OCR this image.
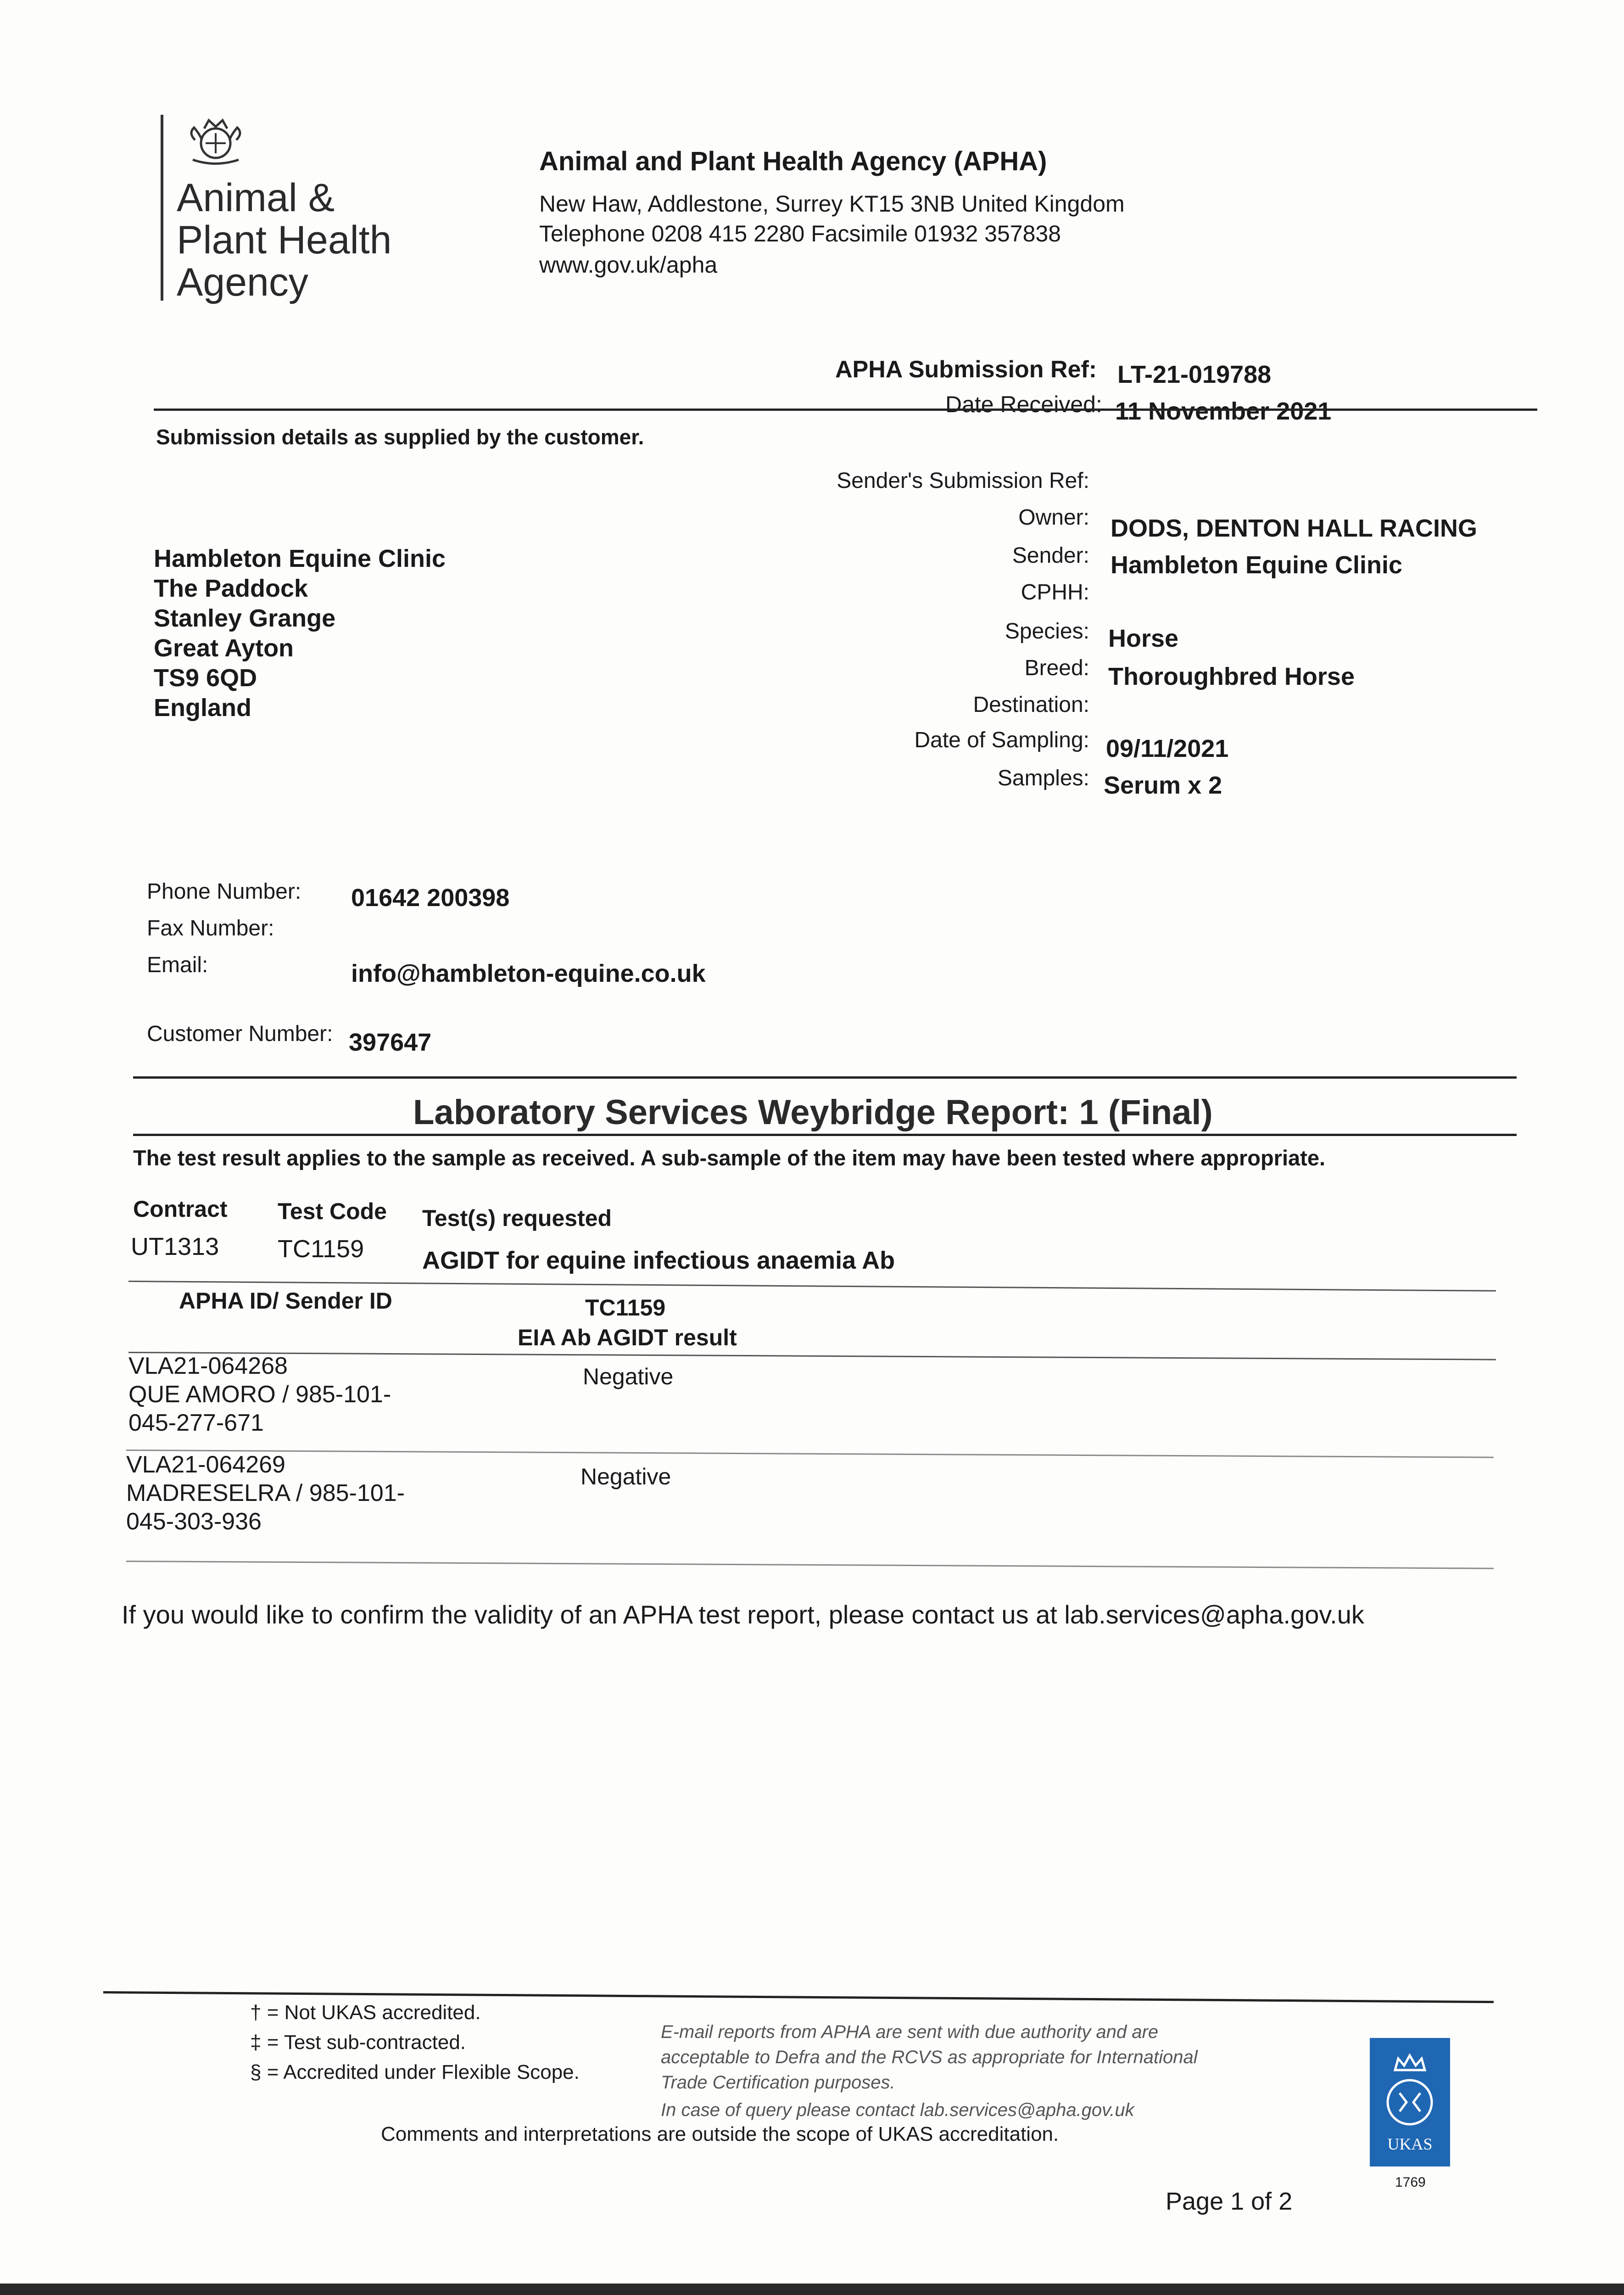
Animal &
Plant Health
Agency
Animal and Plant Health Agency (APHA)
New Haw, Addlestone, Surrey KT15 3NB United Kingdom
Telephone 0208 415 2280 Facsimile 01932 357838
www.gov.uk/apha
APHA Submission Ref: LT-21-019788
Date Received: 11 November 2021
Submission details as supplied by the customer.
Sender's Submission Ref:
Owner: DODS, DENTON HALL RACING
Sender: Hambleton Equine Clinic
CPHH:
Species: Horse
Breed: Thoroughbred Horse
Destination:
Date of Sampling: 09/11/2021
Samples: Serum x 2
Hambleton Equine Clinic
The Paddock
Stanley Grange
Great Ayton
TS9 6QD
England
Phone Number: 01642 200398
Fax Number:
Email:	info@hambleton-equine.co.uk
Customer Number: 397647
Laboratory Services Weybridge Report: 1 (Final)
The test result applies to the sample as received. A sub-sample of the item may have been tested where appropriate.
Contract Test Code Test(s) requested
UT1313 TC1159 AGIDT for equine infectious anaemia Ab
APHA ID/ Sender ID	TC1159
EIA Ab AGIDT result
VLA21-064268
QUE AMORO / 985-101-
045-277-671
Negative
VLA21-064269
MADRESELRA / 985-101-
045-303-936
Negative
If you would like to confirm the validity of an APHA test report, please contact us at lab.services@apha.gov.uk
† = Not UKAS accredited.
‡ = Test sub-contracted.
§ = Accredited under Flexible Scope.
E-mail reports from APHA are sent with due authority and are
acceptable to Defra and the RCVS as appropriate for International
Trade Certification purposes.
In case of query please contact lab.services@apha.gov.uk
Comments and interpretations are outside the scope of UKAS accreditation.	UKAS
1769
Page 1 of 2
